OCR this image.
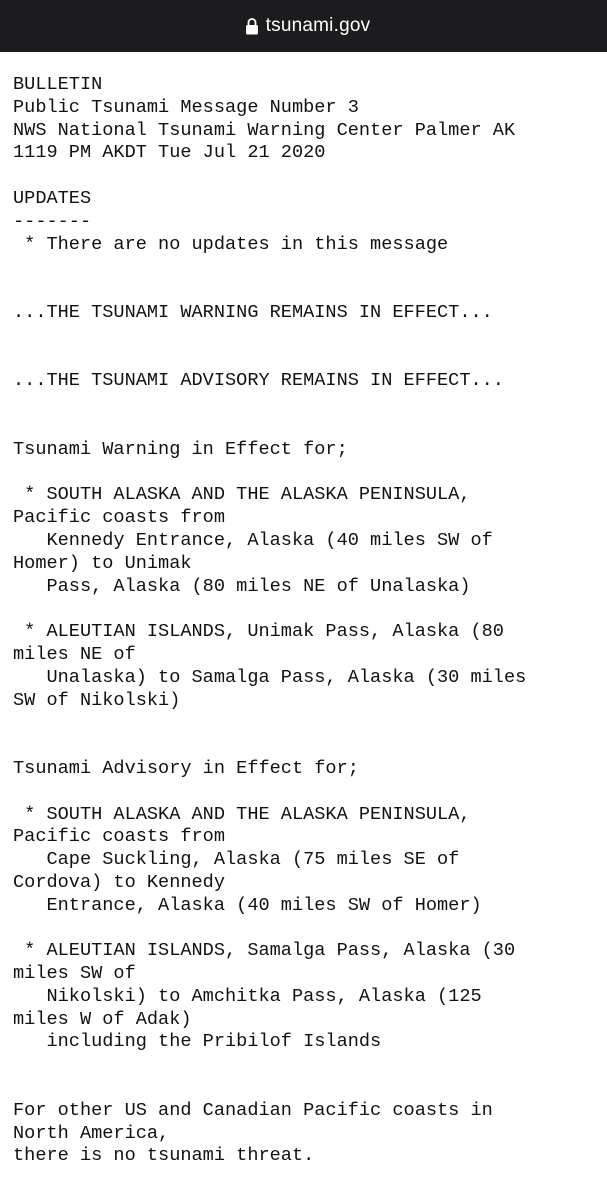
tsunami.gov
BULLETIN
Public Tsunami Message Number 3
NWS National Tsunami Warning Center Palmer AK
1119 PM AKDT Tue Jul 21 2020
UPDATES
-------
* There are no updates in this message
...THE TSUNAMI WARNING REMAINS IN EFFECT...
...THE TSUNAMI ADVISORY REMAINS IN EFFECT...
Tsunami Warning in Effect for;
* SOUTH ALASKA AND THE ALASKA PENINSULA,
Pacific coasts from
Kennedy Entrance, Alaska (40 miles SW of
Homer) to Unimak
Pass, Alaska (80 miles NE of Unalaska)
* ALEUTIAN ISLANDS, Unimak Pass, Alaska (80
miles NE of
Unalaska) to Samalga Pass, Alaska (30 miles
SW of Nikolski)
Tsunami Advisory in Effect for;
* SOUTH ALASKA AND THE ALASKA PENINSULA,
Pacific coasts from
Cape Suckling, Alaska (75 miles SE of
Cordova) to Kennedy
Entrance, Alaska (40 miles SW of Homer)
* ALEUTIAN ISLANDS, Samalga Pass, Alaska (30
miles SW of
Nikolski) to Amchitka Pass, Alaska (125
miles W of Adak)
including the Pribilof Islands
For other US and Canadian Pacific coasts in
North America,
there is no tsunami threat.
